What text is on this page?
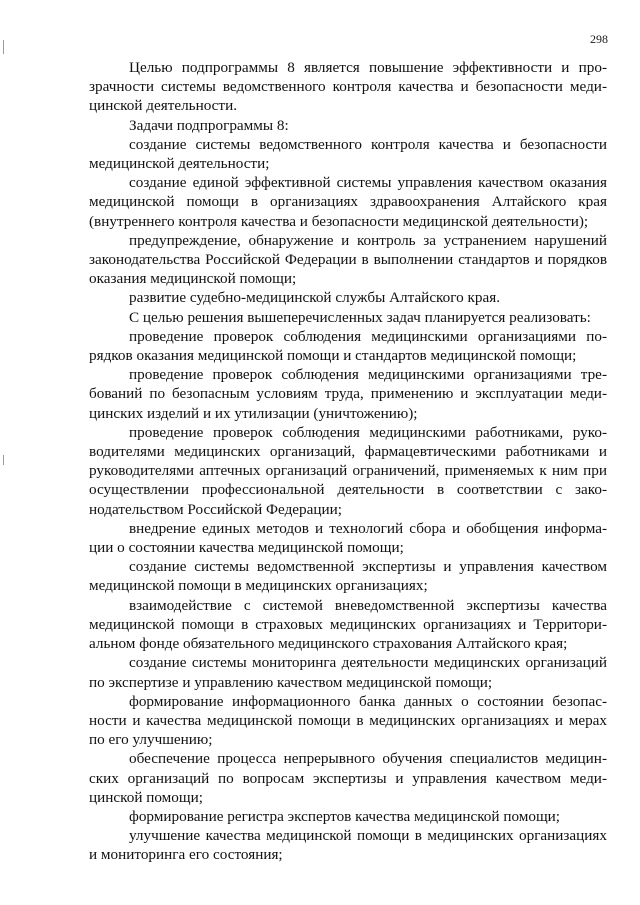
298

Целью подпрограммы 8 является повышение эффективности и прозрачности системы ведомственного контроля качества и безопасности медицинской деятельности.

Задачи подпрограммы 8:

создание системы ведомственного контроля качества и безопасности медицинской деятельности;

создание единой эффективной системы управления качеством оказания медицинской помощи в организациях здравоохранения Алтайского края (внутреннего контроля качества и безопасности медицинской деятельности);

предупреждение, обнаружение и контроль за устранением нарушений законодательства Российской Федерации в выполнении стандартов и порядков оказания медицинской помощи;

развитие судебно-медицинской службы Алтайского края.

С целью решения вышеперечисленных задач планируется реализовать:

проведение проверок соблюдения медицинскими организациями порядков оказания медицинской помощи и стандартов медицинской помощи;

проведение проверок соблюдения медицинскими организациями требований по безопасным условиям труда, применению и эксплуатации медицинских изделий и их утилизации (уничтожению);

проведение проверок соблюдения медицинскими работниками, руководителями медицинских организаций, фармацевтическими работниками и руководителями аптечных организаций ограничений, применяемых к ним при осуществлении профессиональной деятельности в соответствии с законодательством Российской Федерации;

внедрение единых методов и технологий сбора и обобщения информации о состоянии качества медицинской помощи;

создание системы ведомственной экспертизы и управления качеством медицинской помощи в медицинских организациях;

взаимодействие с системой вневедомственной экспертизы качества медицинской помощи в страховых медицинских организациях и Территориальном фонде обязательного медицинского страхования Алтайского края;

создание системы мониторинга деятельности медицинских организаций по экспертизе и управлению качеством медицинской помощи;

формирование информационного банка данных о состоянии безопасности и качества медицинской помощи в медицинских организациях и мерах по его улучшению;

обеспечение процесса непрерывного обучения специалистов медицинских организаций по вопросам экспертизы и управления качеством медицинской помощи;

формирование регистра экспертов качества медицинской помощи;

улучшение качества медицинской помощи в медицинских организациях и мониторинга его состояния;
